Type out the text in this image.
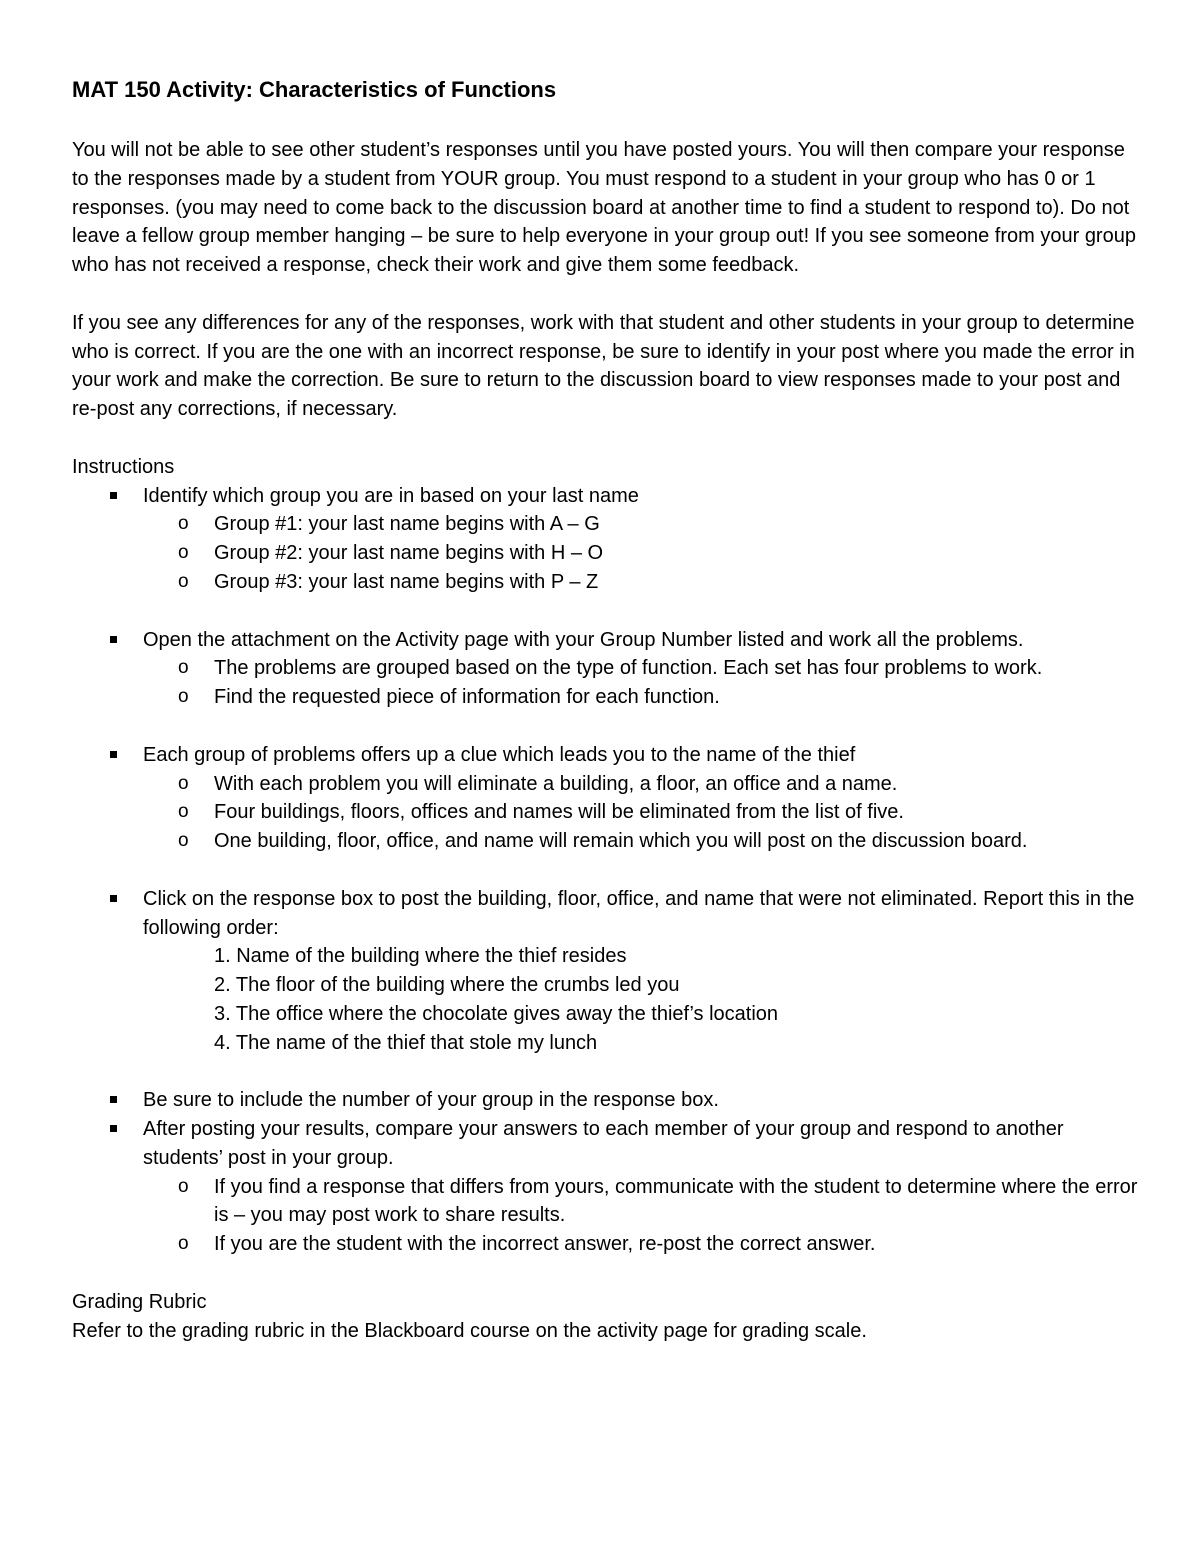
MAT 150 Activity: Characteristics of Functions

You will not be able to see other student’s responses until you have posted yours. You will then compare your response to the responses made by a student from YOUR group. You must respond to a student in your group who has 0 or 1 responses. (you may need to come back to the discussion board at another time to find a student to respond to). Do not leave a fellow group member hanging – be sure to help everyone in your group out! If you see someone from your group who has not received a response, check their work and give them some feedback.

If you see any differences for any of the responses, work with that student and other students in your group to determine who is correct. If you are the one with an incorrect response, be sure to identify in your post where you made the error in your work and make the correction. Be sure to return to the discussion board to view responses made to your post and re-post any corrections, if necessary.

Instructions
Identify which group you are in based on your last name
o Group #1: your last name begins with A – G
o Group #2: your last name begins with H – O
o Group #3: your last name begins with P – Z
Open the attachment on the Activity page with your Group Number listed and work all the problems.
o The problems are grouped based on the type of function. Each set has four problems to work.
o Find the requested piece of information for each function.
Each group of problems offers up a clue which leads you to the name of the thief
o With each problem you will eliminate a building, a floor, an office and a name.
o Four buildings, floors, offices and names will be eliminated from the list of five.
o One building, floor, office, and name will remain which you will post on the discussion board.
Click on the response box to post the building, floor, office, and name that were not eliminated. Report this in the following order:
1. Name of the building where the thief resides
2. The floor of the building where the crumbs led you
3. The office where the chocolate gives away the thief’s location
4. The name of the thief that stole my lunch
Be sure to include the number of your group in the response box.
After posting your results, compare your answers to each member of your group and respond to another students’ post in your group.
o If you find a response that differs from yours, communicate with the student to determine where the error is – you may post work to share results.
o If you are the student with the incorrect answer, re-post the correct answer.
Grading Rubric
Refer to the grading rubric in the Blackboard course on the activity page for grading scale.
